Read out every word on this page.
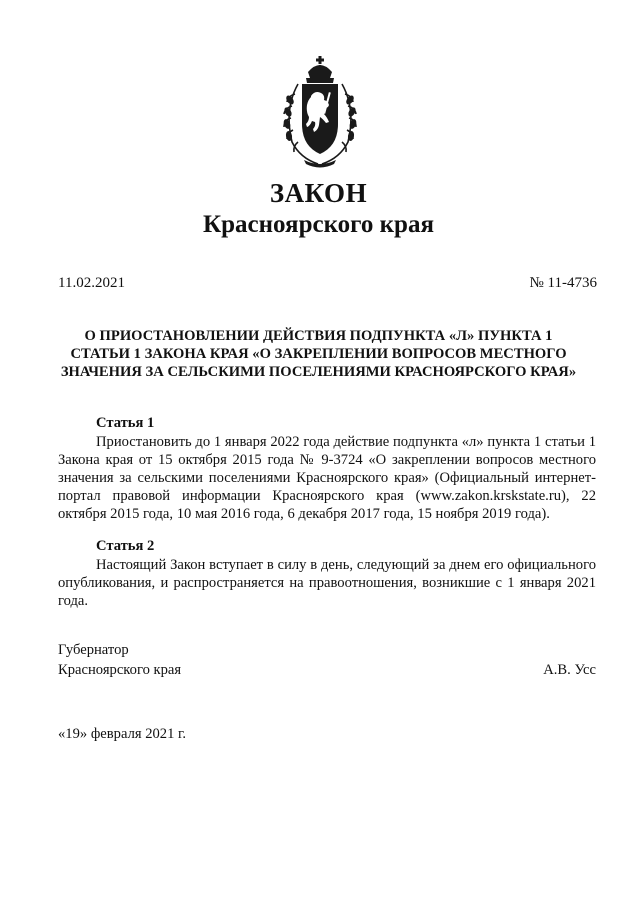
ЗАКОН
Красноярского края
11.02.2021	№ 11-4736
О ПРИОСТАНОВЛЕНИИ ДЕЙСТВИЯ ПОДПУНКТА «Л» ПУНКТА 1
СТАТЬИ 1 ЗАКОНА КРАЯ «О ЗАКРЕПЛЕНИИ ВОПРОСОВ МЕСТНОГО
ЗНАЧЕНИЯ ЗА СЕЛЬСКИМИ ПОСЕЛЕНИЯМИ КРАСНОЯРСКОГО КРАЯ»
Статья 1
Приостановить до 1 января 2022 года действие подпункта «л» пункта 1 статьи 1 Закона края от 15 октября 2015 года № 9-3724 «О закреплении вопросов местного значения за сельскими поселениями Красноярского края» (Официальный интернет-портал правовой информации Красноярского края (www.zakon.krskstate.ru), 22 октября 2015 года, 10 мая 2016 года, 6 декабря 2017 года, 15 ноября 2019 года).
Статья 2
Настоящий Закон вступает в силу в день, следующий за днем его официального опубликования, и распространяется на правоотношения, возникшие с 1 января 2021 года.
Губернатор
Красноярского края	А.В. Усс
«19» февраля 2021 г.
